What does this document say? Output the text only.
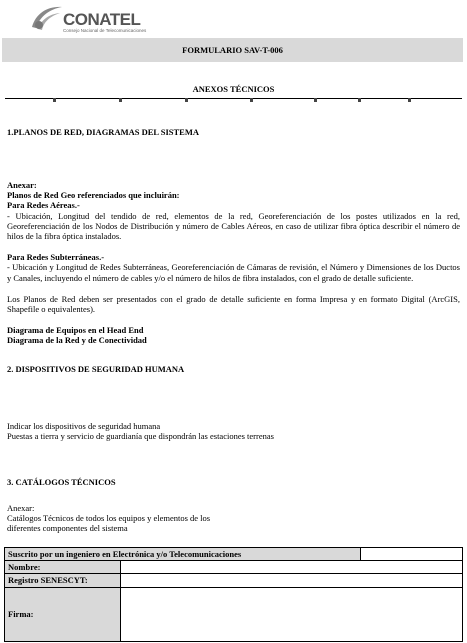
CONATEL
Consejo Nacional de Telecomunicaciones
FORMULARIO SAV-T-006
ANEXOS TÉCNICOS
1.PLANOS DE RED, DIAGRAMAS DEL SISTEMA

Anexar:

Planos de Red Geo referenciados que incluirán:

Para Redes Aéreas.-

- Ubicación, Longitud del tendido de red, elementos de la red, Georeferenciación de los postes utilizados en la red, Georeferenciación de los Nodos de Distribución y número de Cables Aéreos, en caso de utilizar fibra óptica describir el número de hilos de la fibra óptica instalados.

Para Redes Subterráneas.-

- Ubicación y Longitud de Redes Subterráneas, Georeferenciación de Cámaras de revisión, el Número y Dimensiones de los Ductos y Canales, incluyendo el número de cables y/o el número de hilos de fibra instalados, con el grado de detalle suficiente.

Los Planos de Red deben ser presentados con el grado de detalle suficiente en forma Impresa y en formato Digital (ArcGIS, Shapefile o equivalentes).

Diagrama de Equipos en el Head End

Diagrama de la Red y de Conectividad

2. DISPOSITIVOS DE SEGURIDAD HUMANA

Indicar los dispositivos de seguridad humana

Puestas a tierra y servicio de guardianía que dispondrán las estaciones terrenas

3. CATÁLOGOS TÉCNICOS

Anexar:

Catálogos Técnicos de todos los equipos y elementos de los

diferentes componentes del sistema

Suscrito por un ingeniero en Electrónica y/o Telecomunicaciones		
Nombre:		
Registro SENESCYT:		
Firma:		
